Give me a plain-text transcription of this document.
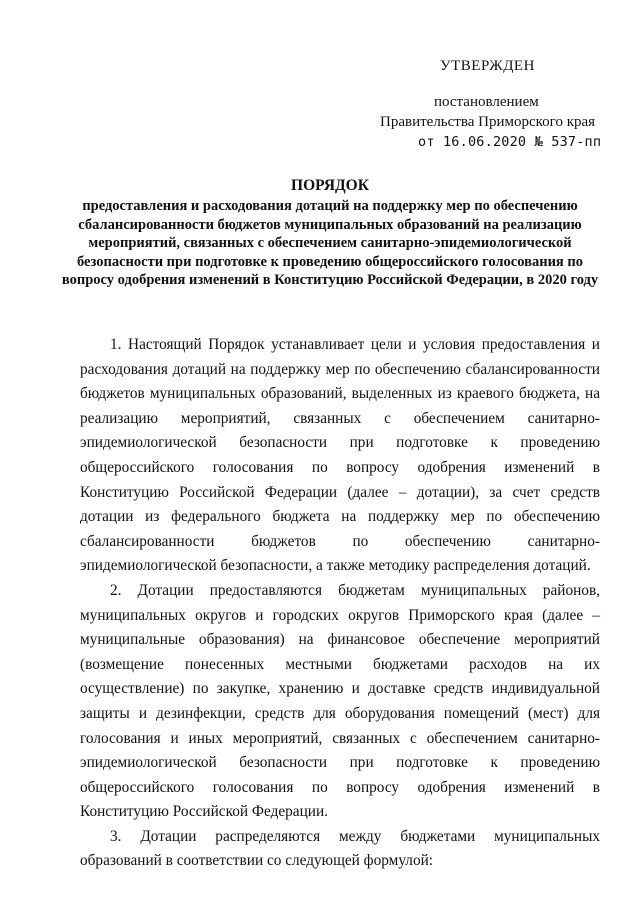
УТВЕРЖДЕН
постановлением
Правительства Приморского края
от 16.06.2020 № 537-пп
ПОРЯДОК
предоставления и расходования дотаций на поддержку мер по обеспечению сбалансированности бюджетов муниципальных образований на реализацию мероприятий, связанных с обеспечением санитарно-эпидемиологической безопасности при подготовке к проведению общероссийского голосования по вопросу одобрения изменений в Конституцию Российской Федерации, в 2020 году

1. Настоящий Порядок устанавливает цели и условия предоставления и расходования дотаций на поддержку мер по обеспечению сбалансированности бюджетов муниципальных образований, выделенных из краевого бюджета, на реализацию мероприятий, связанных с обеспечением санитарно-эпидемиологической безопасности при подготовке к проведению общероссийского голосования по вопросу одобрения изменений в Конституцию Российской Федерации (далее – дотации), за счет средств дотации из федерального бюджета на поддержку мер по обеспечению сбалансированности бюджетов по обеспечению санитарно-эпидемиологической безопасности, а также методику распределения дотаций.

2. Дотации предоставляются бюджетам муниципальных районов, муниципальных округов и городских округов Приморского края (далее – муниципальные образования) на финансовое обеспечение мероприятий (возмещение понесенных местными бюджетами расходов на их осуществление) по закупке, хранению и доставке средств индивидуальной защиты и дезинфекции, средств для оборудования помещений (мест) для голосования и иных мероприятий, связанных с обеспечением санитарно-эпидемиологической безопасности при подготовке к проведению общероссийского голосования по вопросу одобрения изменений в Конституцию Российской Федерации.

3. Дотации распределяются между бюджетами муниципальных образований в соответствии со следующей формулой:
